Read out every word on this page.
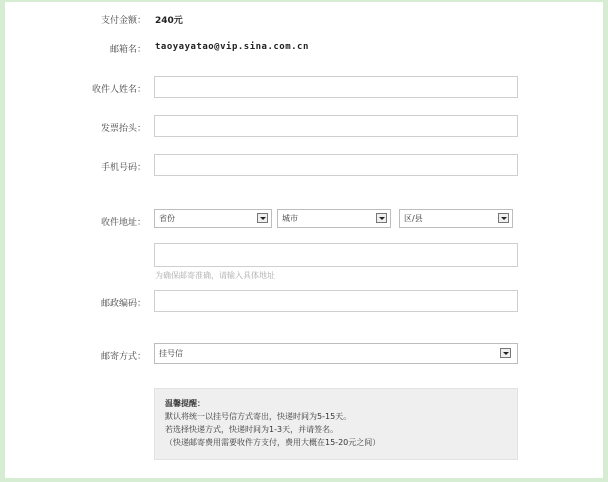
支付金额： 240元
邮箱名： taoyayatao@vip.sina.com.cn
收件人姓名：
发票抬头：
手机号码：
收件地址： 省份	城市	区/县
为确保邮寄准确，请输入具体地址
邮政编码：
邮寄方式： 挂号信
温馨提醒：
默认将统一以挂号信方式寄出，快递时间为5-15天。
若选择快递方式，快递时间为1-3天，并请签名。
（快递邮寄费用需要收件方支付，费用大概在15-20元之间）
